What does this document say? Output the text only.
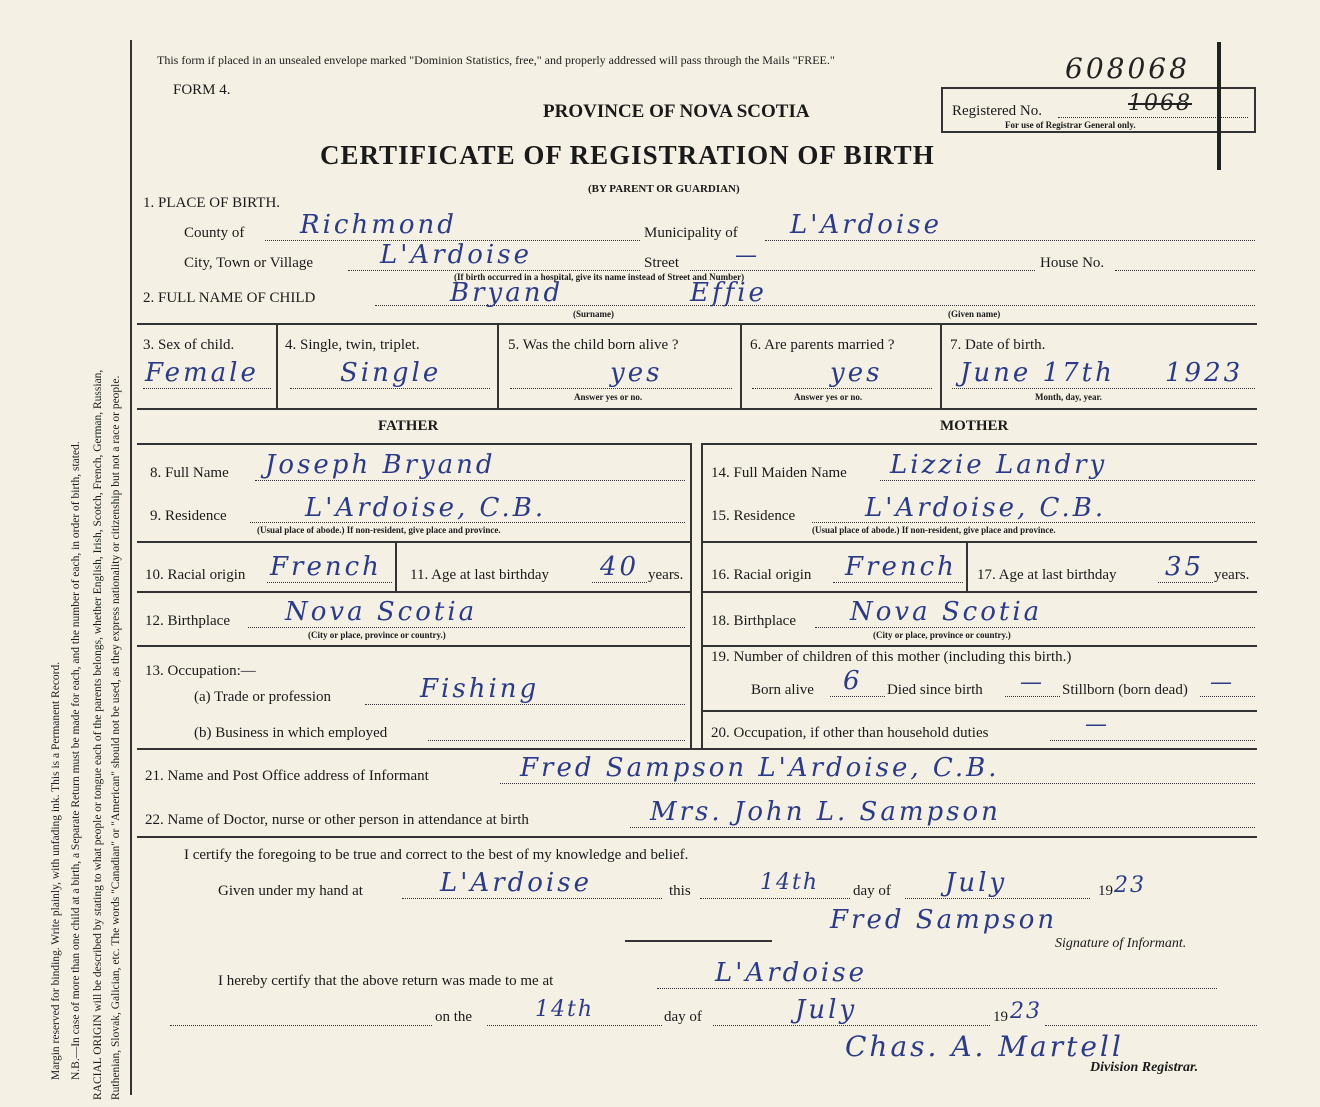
Margin reserved for binding. Write plainly, with unfading ink. This is a Permanent Record. N.B.—In case of more than one child at a birth, a Separate Return must be made for each, and the number of each, in order of birth, stated. RACIAL ORIGIN will be described by stating to what people or tongue each of the parents belongs, whether English, Irish, Scotch, French, German, Russian, Ruthenian, Slovak, Galician, etc. The words "Canadian" or "American" should not be used, as they express nationality or citizenship but not a race or people.
This form if placed in an unsealed envelope marked "Dominion Statistics, free," and properly addressed will pass through the Mails "FREE."	608068
FORM 4.
PROVINCE OF NOVA SCOTIA
CERTIFICATE OF REGISTRATION OF BIRTH
(BY PARENT OR GUARDIAN)
Registered No.	1068
For use of Registrar General only.
1. PLACE OF BIRTH.
County of Richmond	Municipality of L'Ardoise
City, Town or Village	L'Ardoise	Street	—	House No.
(If birth occurred in a hospital, give its name instead of Street and Number)
2. FULL NAME OF CHILD	Bryand	Effie
(Surname)	(Given name)
3. Sex of child.
Female
4. Single, twin, triplet.
Single
5. Was the child born alive ?
yes
Answer yes or no.
6. Are parents married ?
yes
Answer yes or no.
7. Date of birth.
June 17th 1923
Month, day, year.
FATHER	MOTHER
8. Full Name Joseph Bryand
9. Residence	L'Ardoise, C.B.
(Usual place of abode.) If non-resident, give place and province.
10. Racial origin French 11. Age at last birthday 40 years.
12. Birthplace Nova Scotia
(City or place, province or country.)
13. Occupation:—
(a) Trade or profession	Fishing
(b) Business in which employed
14. Full Maiden Name Lizzie Landry
15. Residence	L'Ardoise, C.B.
(Usual place of abode.) If non-resident, give place and province.
16. Racial origin French 17. Age at last birthday 35 years.
18. Birthplace Nova Scotia
(City or place, province or country.)
19. Number of children of this mother (including this birth.)
Born alive 6 Died since birth — Stillborn (born dead) —
20. Occupation, if other than household duties	—
21. Name and Post Office address of Informant	Fred Sampson L'Ardoise, C.B.
22. Name of Doctor, nurse or other person in attendance at birth	Mrs. John L. Sampson
I certify the foregoing to be true and correct to the best of my knowledge and belief.
Given under my hand at	L'Ardoise	this	14th day of July	19 23
Fred Sampson
Signature of Informant.
I hereby certify that the above return was made to me at	L'Ardoise
on the	14th	day of	July	19 23
Chas. A. Martell
Division Registrar.
